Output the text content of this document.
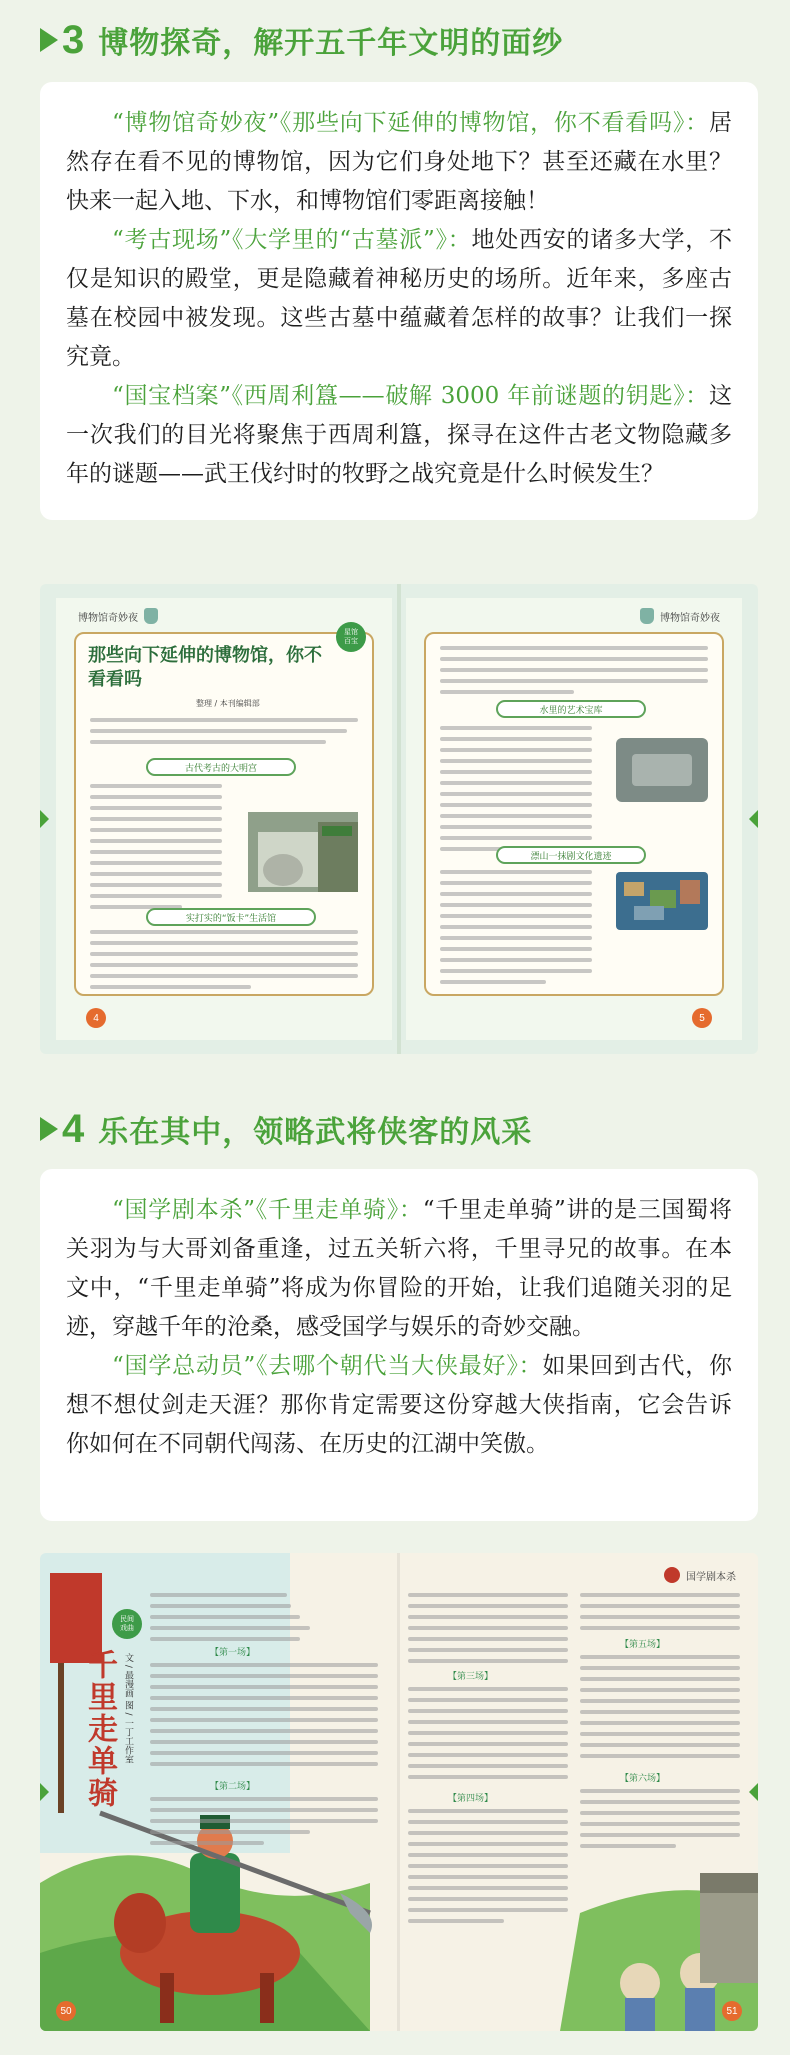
3 博物探奇，解开五千年文明的面纱

“博物馆奇妙夜”《那些向下延伸的博物馆，你不看看吗》：居然存在看不见的博物馆，因为它们身处地下？甚至还藏在水里？快来一起入地、下水，和博物馆们零距离接触！

“考古现场”《大学里的“古墓派”》：地处西安的诸多大学，不仅是知识的殿堂，更是隐藏着神秘历史的场所。近年来，多座古墓在校园中被发现。这些古墓中蕴藏着怎样的故事？让我们一探究竟。

“国宝档案”《西周利簋——破解 3000 年前谜题的钥匙》：这一次我们的目光将聚焦于西周利簋，探寻在这件古老文物隐藏多年的谜题——武王伐纣时的牧野之战究竟是什么时候发生？

博物馆奇妙夜
那些向下延伸的博物馆，你不看看吗
整理 / 本刊编辑部
星馆
百宝
古代考古的大明宫
实打实的“饭卡”生活馆
4
博物馆奇妙夜
水里的艺术宝库
漂山一抹剧文化遗迹
5
4 乐在其中，领略武将侠客的风采

“国学剧本杀”《千里走单骑》：“千里走单骑”讲的是三国蜀将关羽为与大哥刘备重逢，过五关斩六将，千里寻兄的故事。在本文中，“千里走单骑”将成为你冒险的开始，让我们追随关羽的足迹，穿越千年的沧桑，感受国学与娱乐的奇妙交融。

“国学总动员”《去哪个朝代当大侠最好》：如果回到古代，你想不想仗剑走天涯？那你肯定需要这份穿越大侠指南，它会告诉你如何在不同朝代闯荡、在历史的江湖中笑傲。

千里走单骑 文 / 最漫画 图 / 一丁工作室
民间
戏曲
【第一场】
【第二场】
国学剧本杀
【第三场】
【第四场】
【第五场】
【第六场】
50	51
